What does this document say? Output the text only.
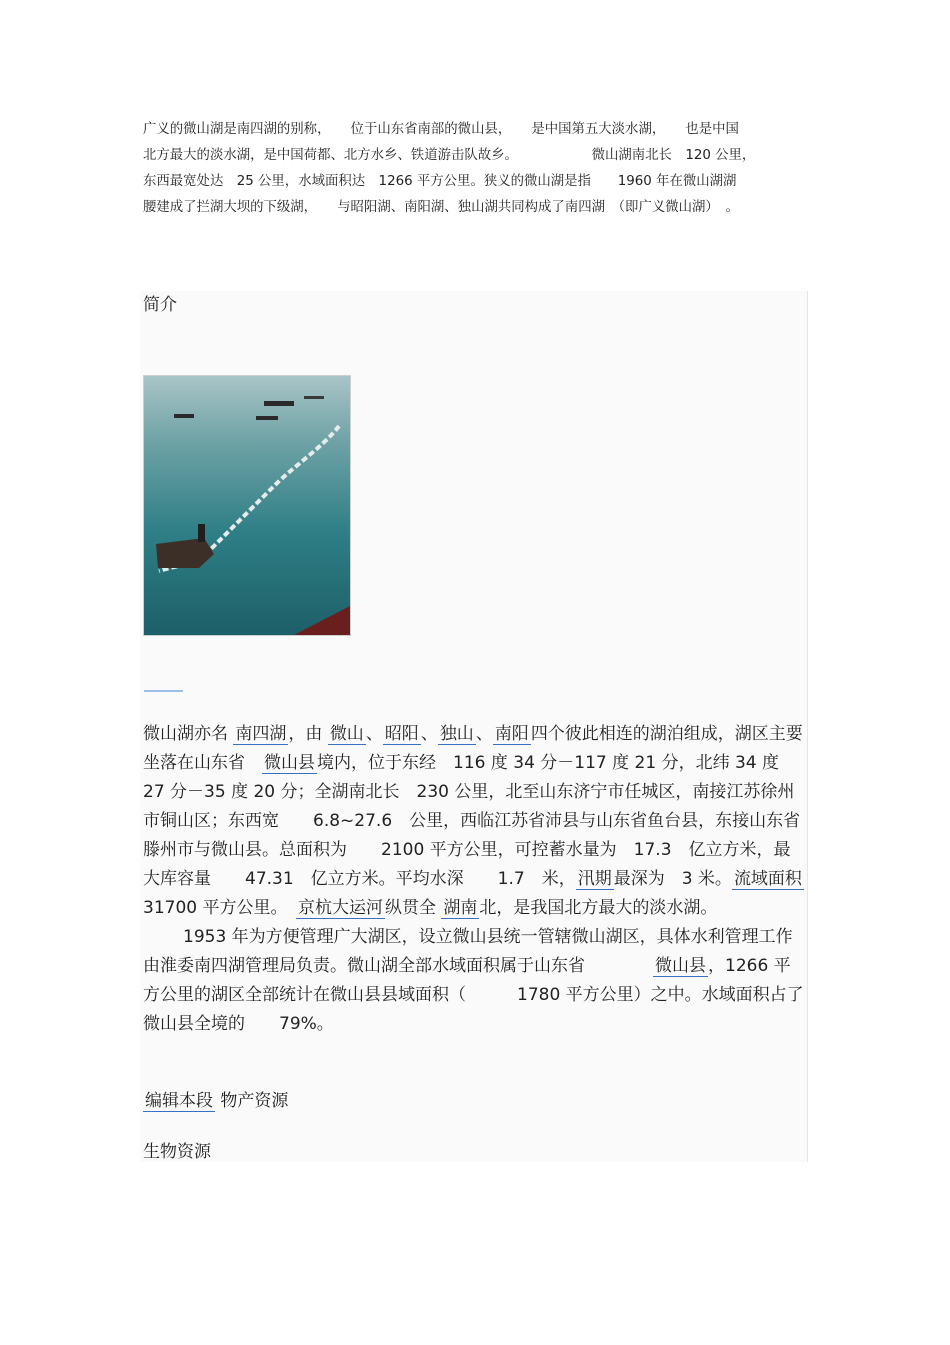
广义的微山湖是南四湖的别称，　　位于山东省南部的微山县，　　是中国第五大淡水湖，　　也是中国

北方最大的淡水湖，是中国荷都、北方水乡、铁道游击队故乡。　　　　　　微山湖南北长　120 公里，

东西最宽处达　25 公里，水域面积达　1266 平方公里。狭义的微山湖是指　　1960 年在微山湖湖

腰建成了拦湖大坝的下级湖，　　与昭阳湖、南阳湖、独山湖共同构成了南四湖　（即广义微山湖）　。

简介

微山湖亦名 南四湖 ，由 微山 、 昭阳 、 独山 、 南阳 四个彼此相连的湖泊组成，湖区主要坐落在山东省　微山县 境内，位于东经　116 度 34 分－117 度 21 分，北纬 34 度 27 分－35 度 20 分；全湖南北长　230 公里，北至山东济宁市任城区，南接江苏徐州市铜山区；东西宽　　6.8~27.6　公里，西临江苏省沛县与山东省鱼台县，东接山东省滕州市与微山县。总面积为　　2100 平方公里，可控蓄水量为　17.3　亿立方米，最大库容量　　47.31　亿立方米。平均水深　　1.7　米， 汛期 最深为　3 米。 流域面积31700 平方公里。　京杭大运河 纵贯全 湖南 北，是我国北方最大的淡水湖。

1953 年为方便管理广大湖区，设立微山县统一管辖微山湖区，具体水利管理工作由淮委南四湖管理局负责。微山湖全部水域面积属于山东省　　　　微山县 ，1266 平方公里的湖区全部统计在微山县县域面积（　　　1780 平方公里）之中。水域面积占了微山县全境的　　79%。

编辑本段 物产资源
生物资源
